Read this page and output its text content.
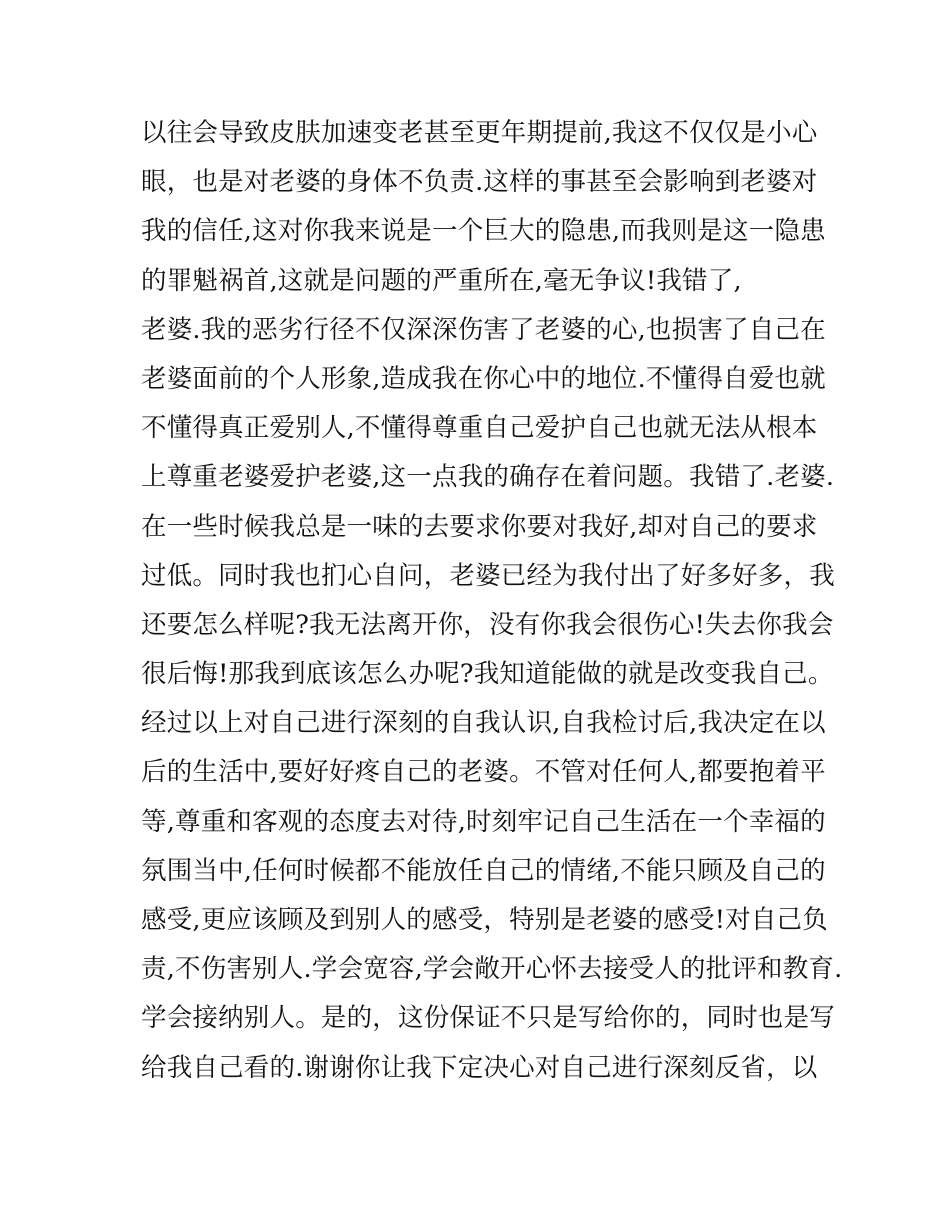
以往会导致皮肤加速变老甚至更年期提前,我这不仅仅是小心
眼，也是对老婆的身体不负责.这样的事甚至会影响到老婆对
我的信任,这对你我来说是一个巨大的隐患,而我则是这一隐患
的罪魁祸首,这就是问题的严重所在,毫无争议!我错了,
老婆.我的恶劣行径不仅深深伤害了老婆的心,也损害了自己在
老婆面前的个人形象,造成我在你心中的地位.不懂得自爱也就
不懂得真正爱别人,不懂得尊重自己爱护自己也就无法从根本
上尊重老婆爱护老婆,这一点我的确存在着问题。我错了.老婆.
在一些时候我总是一味的去要求你要对我好,却对自己的要求
过低。同时我也扪心自问，老婆已经为我付出了好多好多，我
还要怎么样呢?我无法离开你，没有你我会很伤心!失去你我会
很后悔!那我到底该怎么办呢?我知道能做的就是改变我自己。
经过以上对自己进行深刻的自我认识,自我检讨后,我决定在以
后的生活中,要好好疼自己的老婆。不管对任何人,都要抱着平
等,尊重和客观的态度去对待,时刻牢记自己生活在一个幸福的
氛围当中,任何时候都不能放任自己的情绪,不能只顾及自己的
感受,更应该顾及到别人的感受，特别是老婆的感受!对自己负
责,不伤害别人.学会宽容,学会敞开心怀去接受人的批评和教育.
学会接纳别人。是的，这份保证不只是写给你的，同时也是写
给我自己看的.谢谢你让我下定决心对自己进行深刻反省，以
